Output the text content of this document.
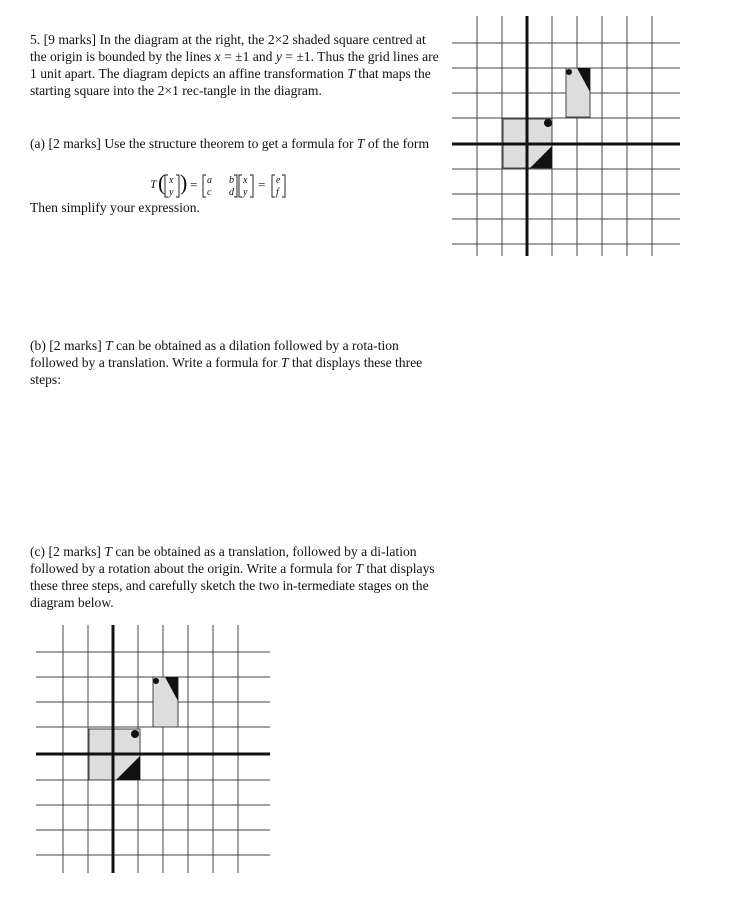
5. [9 marks] In the diagram at the right, the 2×2 shaded square centred at the origin is bounded by the lines x = ±1 and y = ±1. Thus the grid lines are 1 unit apart. The diagram depicts an affine transformation T that maps the starting square into the 2×1 rec-tangle in the diagram.

(a) [2 marks] Use the structure theorem to get a formula for T of the form

T ( x
y ) = a
c
b
d
x
y
= e
f
Then simplify your expression.

(b) [2 marks] T can be obtained as a dilation followed by a rota-tion followed by a translation. Write a formula for T that displays these three steps:

(c) [2 marks] T can be obtained as a translation, followed by a di-lation followed by a rotation about the origin. Write a formula for T that displays these three steps, and carefully sketch the two in-termediate stages on the diagram below.
